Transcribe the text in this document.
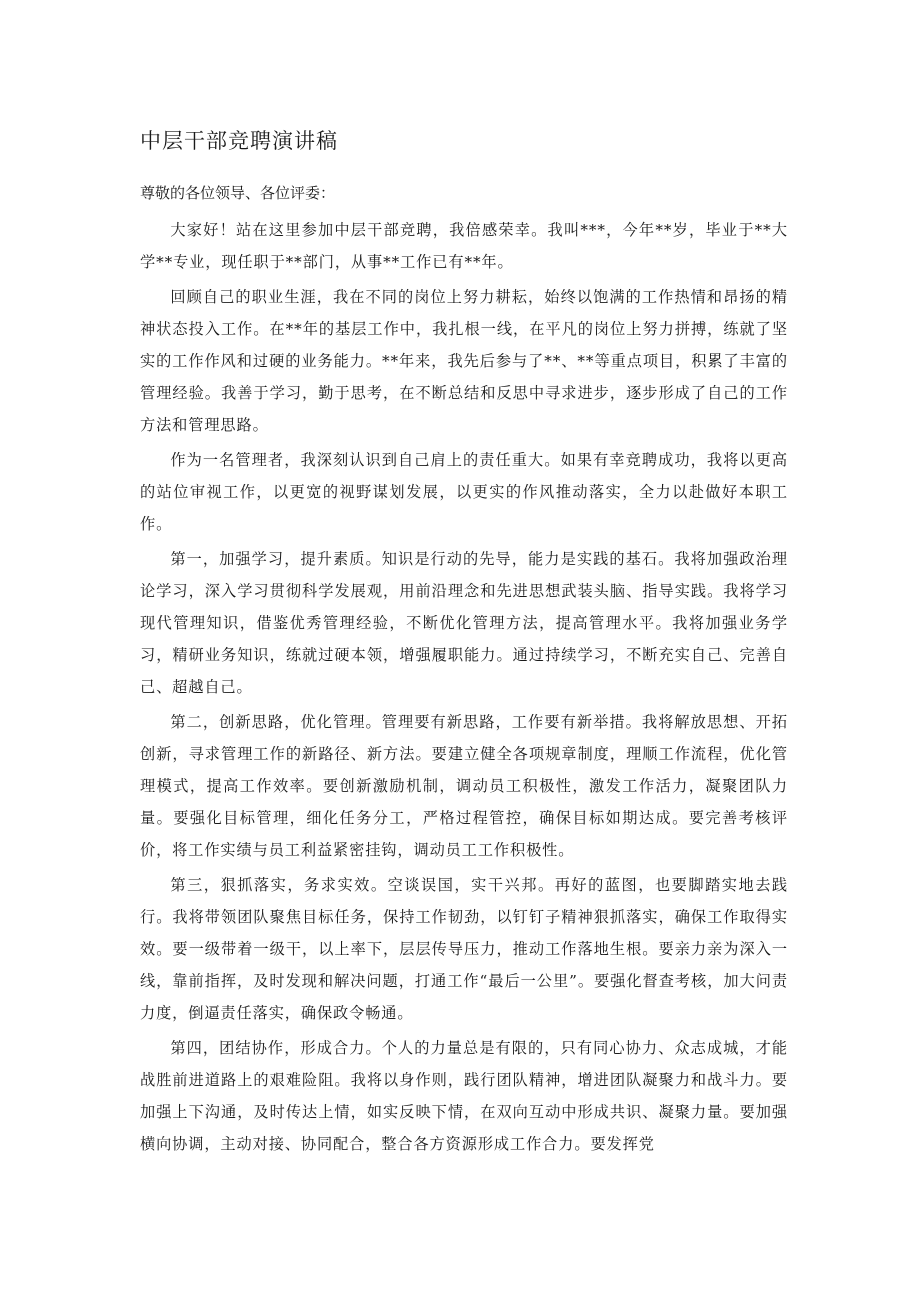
中层干部竞聘演讲稿

尊敬的各位领导、各位评委：

大家好！站在这里参加中层干部竞聘，我倍感荣幸。我叫***，今年**岁，毕业于**大学**专业，现任职于**部门，从事**工作已有**年。

回顾自己的职业生涯，我在不同的岗位上努力耕耘，始终以饱满的工作热情和昂扬的精神状态投入工作。在**年的基层工作中，我扎根一线，在平凡的岗位上努力拼搏，练就了坚实的工作作风和过硬的业务能力。**年来，我先后参与了**、**等重点项目，积累了丰富的管理经验。我善于学习，勤于思考，在不断总结和反思中寻求进步，逐步形成了自己的工作方法和管理思路。

作为一名管理者，我深刻认识到自己肩上的责任重大。如果有幸竞聘成功，我将以更高的站位审视工作，以更宽的视野谋划发展，以更实的作风推动落实，全力以赴做好本职工作。

第一，加强学习，提升素质。知识是行动的先导，能力是实践的基石。我将加强政治理论学习，深入学习贯彻科学发展观，用前沿理念和先进思想武装头脑、指导实践。我将学习现代管理知识，借鉴优秀管理经验，不断优化管理方法，提高管理水平。我将加强业务学习，精研业务知识，练就过硬本领，增强履职能力。通过持续学习，不断充实自己、完善自己、超越自己。

第二，创新思路，优化管理。管理要有新思路，工作要有新举措。我将解放思想、开拓创新，寻求管理工作的新路径、新方法。要建立健全各项规章制度，理顺工作流程，优化管理模式，提高工作效率。要创新激励机制，调动员工积极性，激发工作活力，凝聚团队力量。要强化目标管理，细化任务分工，严格过程管控，确保目标如期达成。要完善考核评价，将工作实绩与员工利益紧密挂钩，调动员工工作积极性。

第三，狠抓落实，务求实效。空谈误国，实干兴邦。再好的蓝图，也要脚踏实地去践行。我将带领团队聚焦目标任务，保持工作韧劲，以钉钉子精神狠抓落实，确保工作取得实效。要一级带着一级干，以上率下，层层传导压力，推动工作落地生根。要亲力亲为深入一线，靠前指挥，及时发现和解决问题，打通工作“最后一公里”。要强化督查考核，加大问责力度，倒逼责任落实，确保政令畅通。

第四，团结协作，形成合力。个人的力量总是有限的，只有同心协力、众志成城，才能战胜前进道路上的艰难险阻。我将以身作则，践行团队精神，增进团队凝聚力和战斗力。要加强上下沟通，及时传达上情，如实反映下情，在双向互动中形成共识、凝聚力量。要加强横向协调，主动对接、协同配合，整合各方资源形成工作合力。要发挥党
